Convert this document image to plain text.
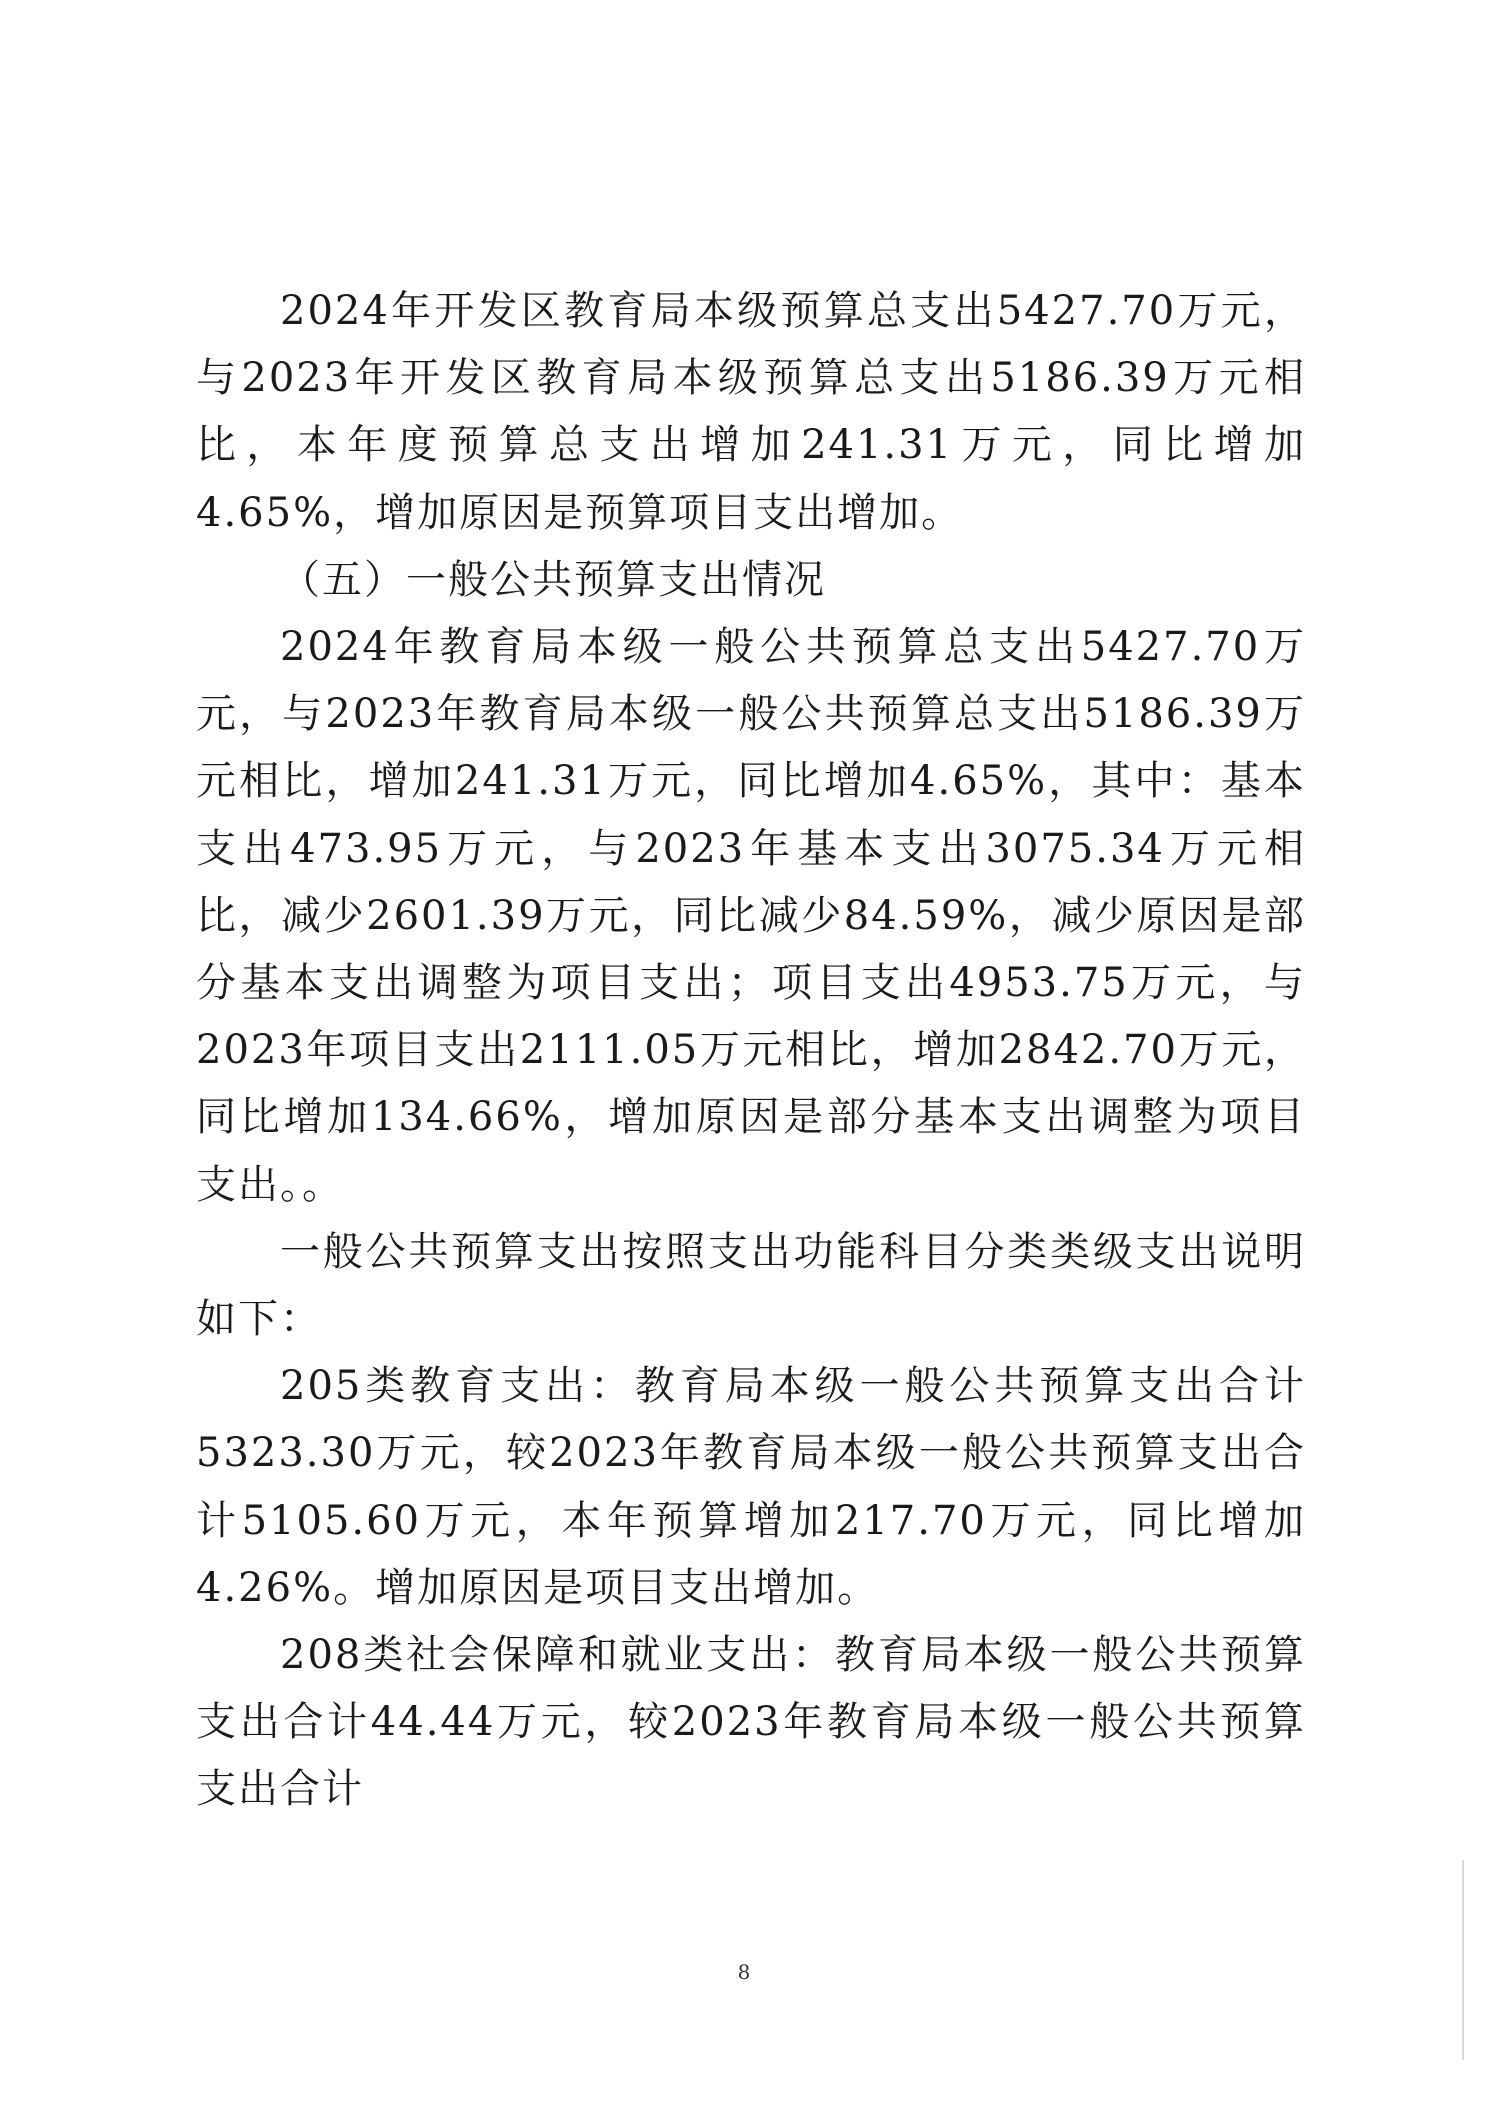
2024年开发区教育局本级预算总支出5427.70万元，与2023年开发区教育局本级预算总支出5186.39万元相比，本年度预算总支出增加241.31万元，同比增加4.65%，增加原因是预算项目支出增加。

（五）一般公共预算支出情况

2024年教育局本级一般公共预算总支出5427.70万元，与2023年教育局本级一般公共预算总支出5186.39万元相比，增加241.31万元，同比增加4.65%，其中：基本支出473.95万元，与2023年基本支出3075.34万元相比，减少2601.39万元，同比减少84.59%，减少原因是部分基本支出调整为项目支出；项目支出4953.75万元，与2023年项目支出2111.05万元相比，增加2842.70万元，同比增加134.66%，增加原因是部分基本支出调整为项目支出。。

一般公共预算支出按照支出功能科目分类类级支出说明如下：

205类教育支出：教育局本级一般公共预算支出合计5323.30万元，较2023年教育局本级一般公共预算支出合计5105.60万元，本年预算增加217.70万元，同比增加4.26%。增加原因是项目支出增加。

208类社会保障和就业支出：教育局本级一般公共预算支出合计44.44万元，较2023年教育局本级一般公共预算支出合计

8
